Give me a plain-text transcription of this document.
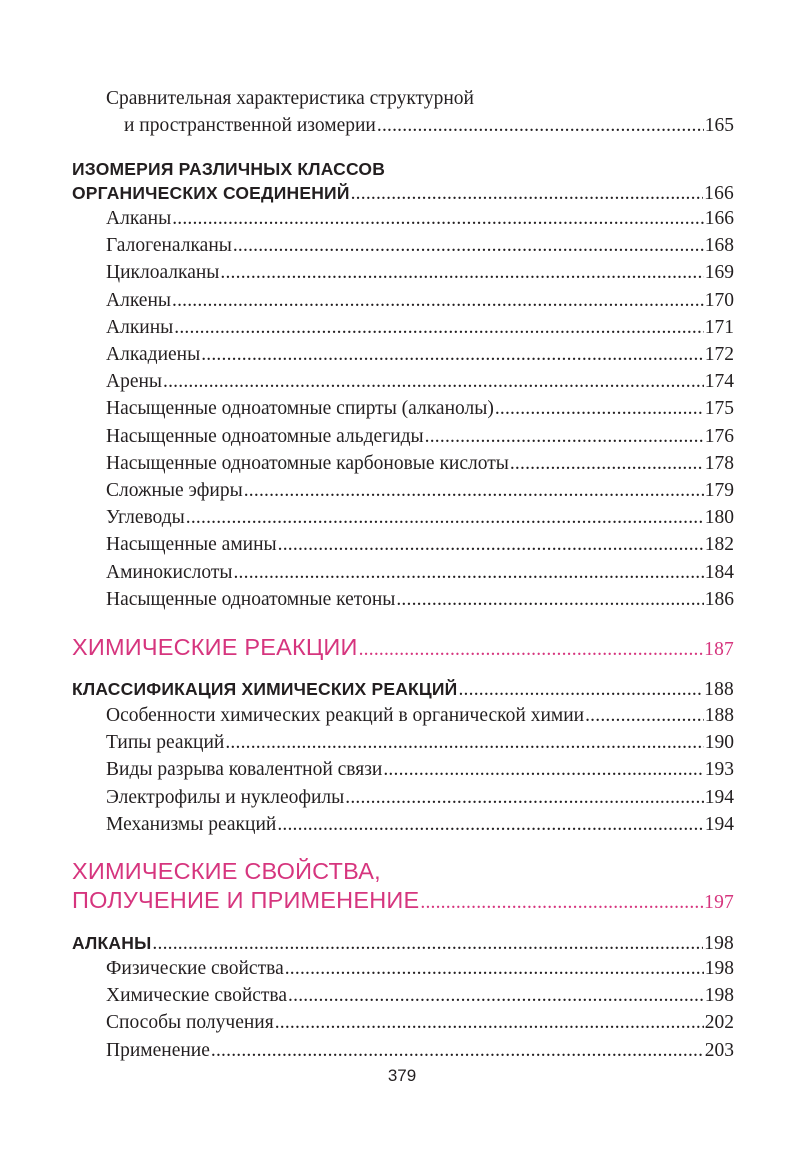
Сравнительная характеристика структурной
и пространственной изомерии .....	165
ИЗОМЕРИЯ РАЗЛИЧНЫХ КЛАССОВ
ОРГАНИЧЕСКИХ СОЕДИНЕНИЙ .....	166
Алканы .....	166
Галогеналканы .....	168
Циклоалканы .....	169
Алкены .....	170
Алкины .....	171
Алкадиены .....	172
Арены .....	174
Насыщенные одноатомные спирты (алканолы) .....	175
Насыщенные одноатомные альдегиды .....	176
Насыщенные одноатомные карбоновые кислоты .....	178
Сложные эфиры .....	179
Углеводы .....	180
Насыщенные амины .....	182
Аминокислоты .....	184
Насыщенные одноатомные кетоны .....	186
ХИМИЧЕСКИЕ РЕАКЦИИ .....	187
КЛАССИФИКАЦИЯ ХИМИЧЕСКИХ РЕАКЦИЙ .....	188
Особенности химических реакций в органической химии .....	188
Типы реакций .....	190
Виды разрыва ковалентной связи .....	193
Электрофилы и нуклеофилы .....	194
Механизмы реакций .....	194
ХИМИЧЕСКИЕ СВОЙСТВА,
ПОЛУЧЕНИЕ И ПРИМЕНЕНИЕ .....	197
АЛКАНЫ .....	198
Физические свойства .....	198
Химические свойства .....	198
Способы получения .....	202
Применение .....	203
379
